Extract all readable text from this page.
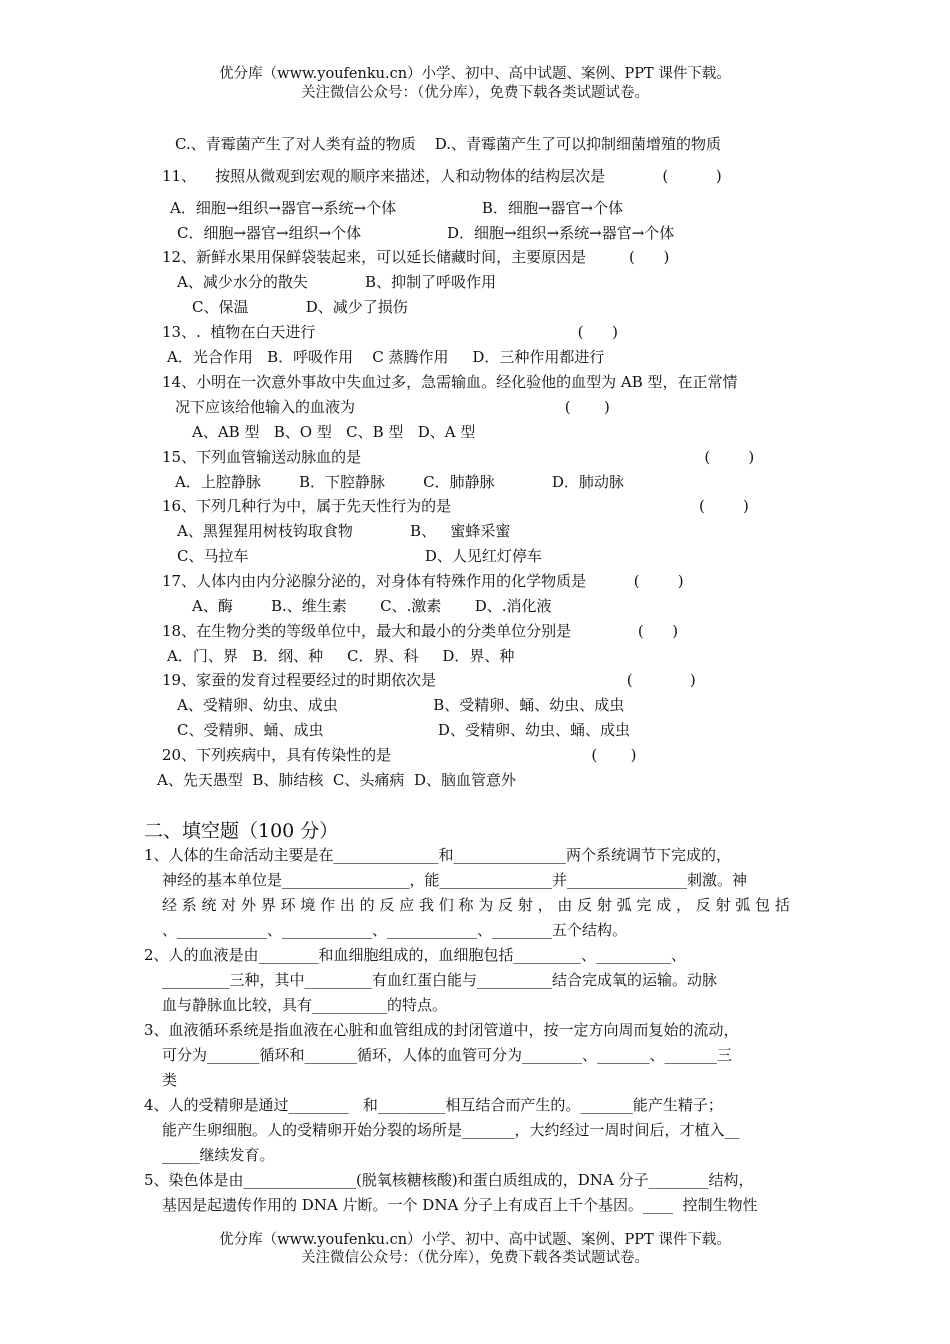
优分库（www.youfenku.cn）小学、初中、高中试题、案例、PPT 课件下载。
关注微信公众号：（优分库），免费下载各类试题试卷。
C.、青霉菌产生了对人类有益的物质    D.、青霉菌产生了可以抑制细菌增殖的物质
11、    按照从微观到宏观的顺序来描述，人和动物体的结构层次是            (          )
A．细胞→组织→器官→系统→个体                  B．细胞→器官→个体
C．细胞→器官→组织→个体                  D．细胞→组织→系统→器官→个体
12、新鲜水果用保鲜袋装起来，可以延长储藏时间，主要原因是         (      )
A、减少水分的散失            B、抑制了呼吸作用
C、保温            D、减少了损伤
13、.  植物在白天进行                                                       (      )
A．光合作用   B．呼吸作用    C 蒸腾作用     D．三种作用都进行
14、小明在一次意外事故中失血过多，急需输血。经化验他的血型为 AB 型，在正常情
况下应该给他输入的血液为                                            (       )
A、AB 型   B、O 型   C、B 型   D、A 型
15、下列血管输送动脉血的是                                                                        (        )
A．上腔静脉        B．下腔静脉        C．肺静脉            D．肺动脉
16、下列几种行为中，属于先天性行为的是                                                    (        )
A、黑猩猩用树枝钩取食物            B、   蜜蜂采蜜
C、马拉车                                     D、人见红灯停车
17、人体内由内分泌腺分泌的，对身体有特殊作用的化学物质是          (        )
A、酶        B.、维生素       C、.激素       D、.消化液
18、在生物分类的等级单位中，最大和最小的分类单位分别是              (      )
A．门、界   B．纲、种     C．界、科     D．界、种
19、家蚕的发育过程要经过的时期依次是                                        (            )
A、受精卵、幼虫、成虫                    B、受精卵、蛹、幼虫、成虫
C、受精卵、蛹、成虫                        D、受精卵、幼虫、蛹、成虫
20、下列疾病中，具有传染性的是                                          (       )
A、先天愚型  B、肺结核  C、头痛病  D、脑血管意外
二、填空题（100 分）
1、人体的生命活动主要是在______________和_______________两个系统调节下完成的，
神经的基本单位是_________________，能_______________并________________刺激。神
经 系 统 对 外 界 环 境 作 出 的 反 应 我 们 称 为 反 射 ， 由 反 射 弧 完 成 ， 反 射 弧 包 括
、____________、____________、____________、________五个结构。
2、人的血液是由________和血细胞组成的，血细胞包括_________、__________、
_________三种，其中_________有血红蛋白能与__________结合完成氧的运输。动脉
血与静脉血比较，具有__________的特点。
3、血液循环系统是指血液在心脏和血管组成的封闭管道中，按一定方向周而复始的流动，
可分为_______循环和_______循环，人体的血管可分为________、_______、_______三
类
4、人的受精卵是通过________   和_________相互结合而产生的。_______能产生精子；
能产生卵细胞。人的受精卵开始分裂的场所是_______，大约经过一周时间后，才植入__
_____继续发育。
5、染色体是由_______________(脱氧核糖核酸)和蛋白质组成的，DNA 分子________结构，
基因是起遗传作用的 DNA 片断。一个 DNA 分子上有成百上千个基因。____  控制生物性
优分库（www.youfenku.cn）小学、初中、高中试题、案例、PPT 课件下载。
关注微信公众号：（优分库），免费下载各类试题试卷。
